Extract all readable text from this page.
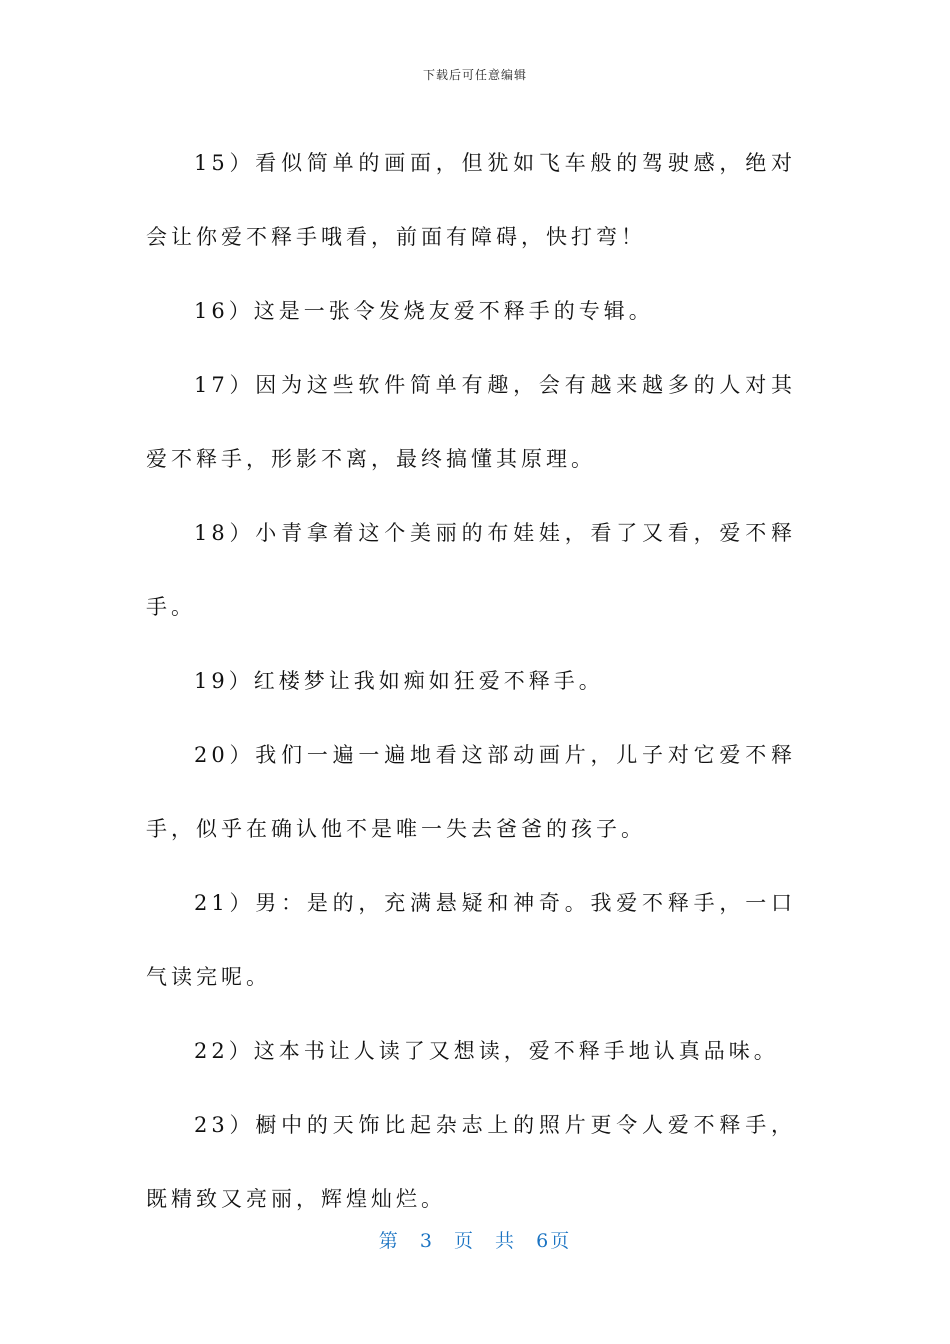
下载后可任意编辑

15）看似简单的画面，但犹如飞车般的驾驶感，绝对会让你爱不释手哦看，前面有障碍，快打弯！

16）这是一张令发烧友爱不释手的专辑。

17）因为这些软件简单有趣，会有越来越多的人对其爱不释手，形影不离，最终搞懂其原理。

18）小青拿着这个美丽的布娃娃，看了又看，爱不释手。

19）红楼梦让我如痴如狂爱不释手。

20）我们一遍一遍地看这部动画片，儿子对它爱不释手，似乎在确认他不是唯一失去爸爸的孩子。

21）男：是的，充满悬疑和神奇。我爱不释手，一口气读完呢。

22）这本书让人读了又想读，爱不释手地认真品味。

23）橱中的天饰比起杂志上的照片更令人爱不释手，既精致又亮丽，辉煌灿烂。

第 3 页 共 6页
